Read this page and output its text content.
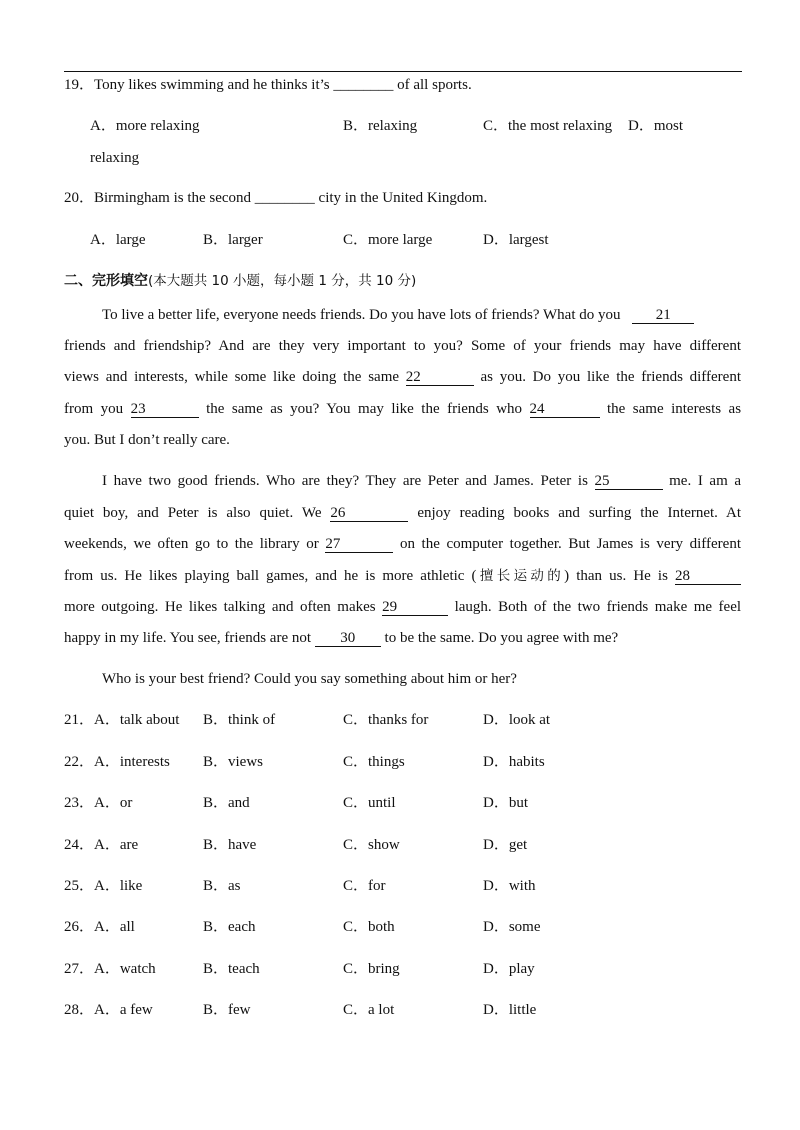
19．Tony likes swimming and he thinks it’s ________ of all sports.
A．more relaxing	B．relaxing	C．the most relaxing D．most
relaxing
20．Birmingham is the second ________ city in the United Kingdom.
A．large	B．larger	C．more large	D．largest
二、完形填空(本大题共 10 小题，每小题 1 分，共 10 分)
To live a better life, everyone needs friends. Do you have lots of friends? What do you 21
friends and friendship? And are they very important to you? Some of your friends may have different
views and interests, while some like doing the same 22	as you. Do you like the friends different
from you 23	the same as you? You may like the friends who 24	the same interests as
you. But I don’t really care.
I have two good friends. Who are they? They are Peter and James. Peter is 25	me. I am a
quiet boy, and Peter is also quiet. We 26	enjoy reading books and surfing the Internet. At
weekends, we often go to the library or 27	on the computer together. But James is very different
from us. He likes playing ball games, and he is more athletic (擅长运动的) than us. He is 28
more outgoing. He likes talking and often makes 29	laugh. Both of the two friends make me feel
happy in my life. You see, friends are not 30 to be the same. Do you agree with me?
Who is your best friend? Could you say something about him or her?
21．A．talk about B．think of	C．thanks for	D．look at
22．A．interests B．views	C．things	D．habits
23．A．or	B．and	C．until	D．but
24．A．are	B．have	C．show	D．get
25．A．like	B．as	C．for	D．with
26．A．all	B．each	C．both	D．some
27．A．watch	B．teach	C．bring	D．play
28．A．a few	B．few	C．a lot	D．little
